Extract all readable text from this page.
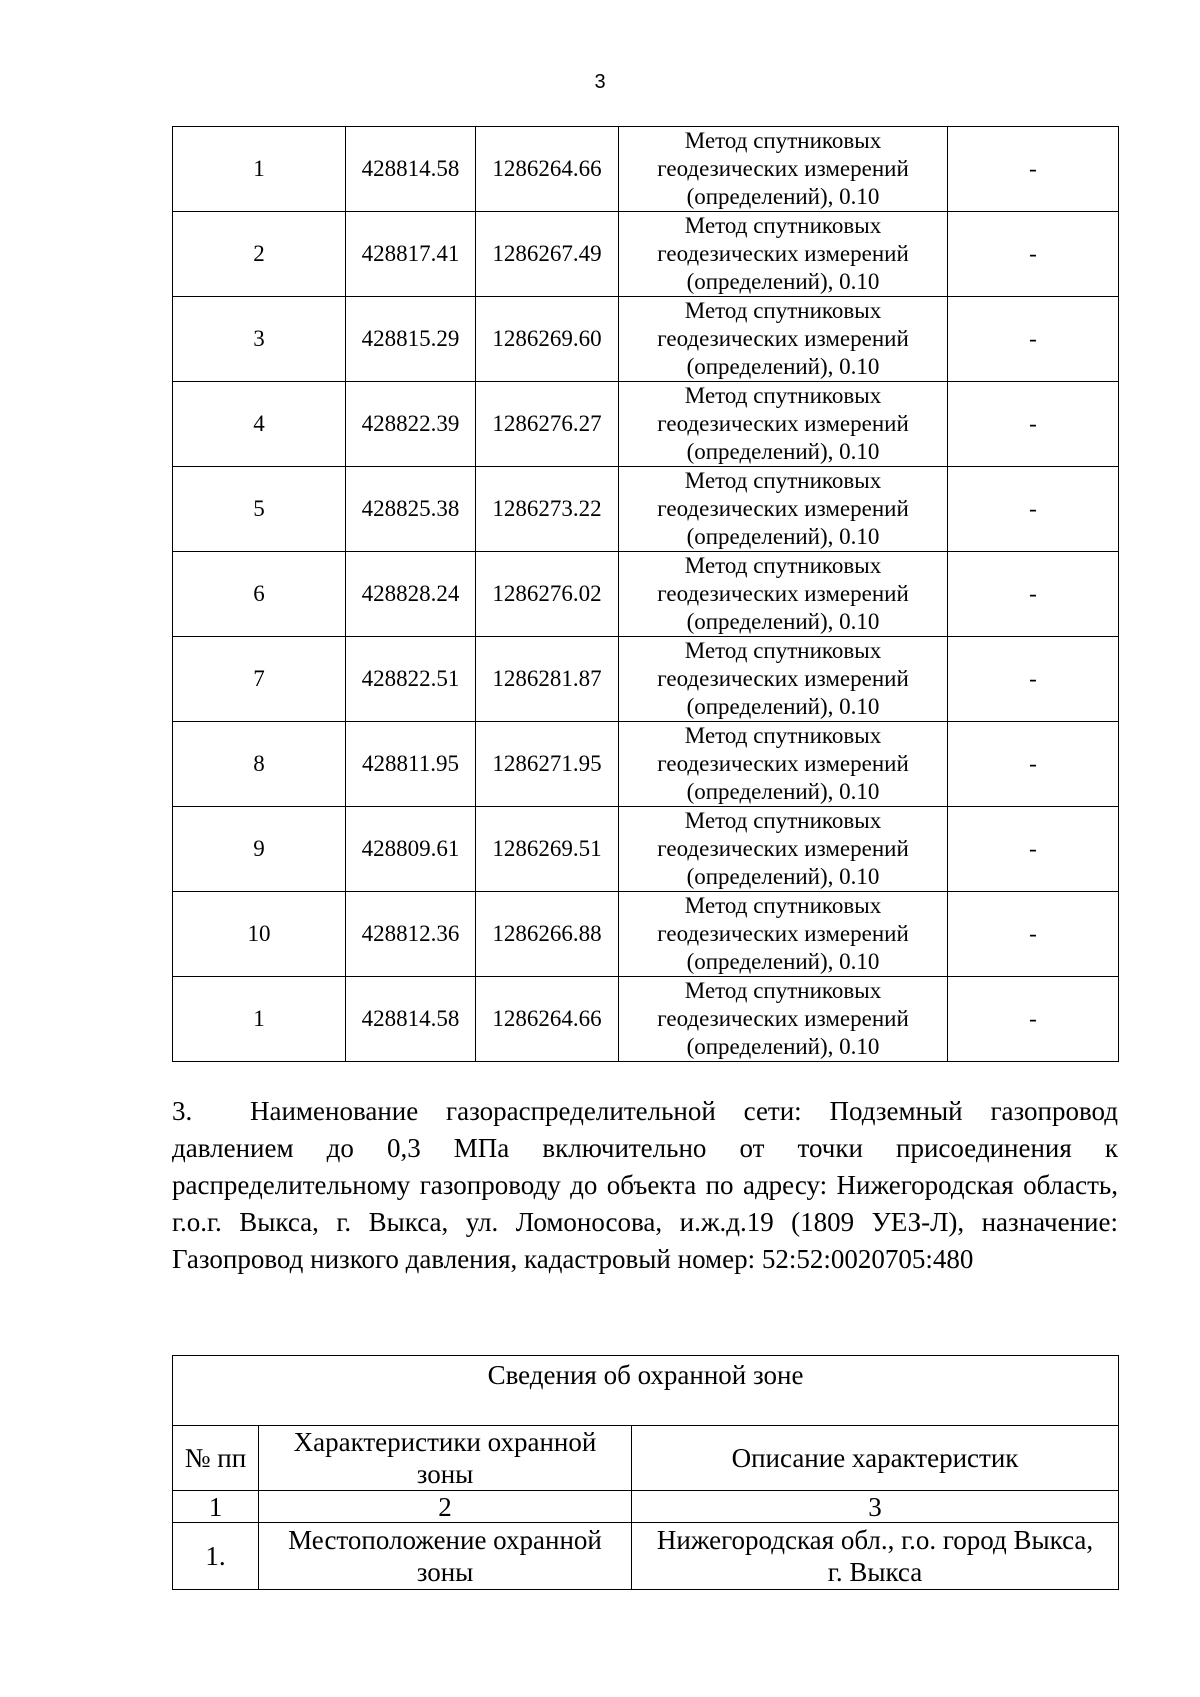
3
1	428814.58	1286264.66	Метод спутниковых
геодезических измерений
(определений), 0.10	-
2	428817.41	1286267.49	Метод спутниковых
геодезических измерений
(определений), 0.10	-
3	428815.29	1286269.60	Метод спутниковых
геодезических измерений
(определений), 0.10	-
4	428822.39	1286276.27	Метод спутниковых
геодезических измерений
(определений), 0.10	-
5	428825.38	1286273.22	Метод спутниковых
геодезических измерений
(определений), 0.10	-
6	428828.24	1286276.02	Метод спутниковых
геодезических измерений
(определений), 0.10	-
7	428822.51	1286281.87	Метод спутниковых
геодезических измерений
(определений), 0.10	-
8	428811.95	1286271.95	Метод спутниковых
геодезических измерений
(определений), 0.10	-
9	428809.61	1286269.51	Метод спутниковых
геодезических измерений
(определений), 0.10	-
10	428812.36	1286266.88	Метод спутниковых
геодезических измерений
(определений), 0.10	-
1	428814.58	1286264.66	Метод спутниковых
геодезических измерений
(определений), 0.10	-
3. Наименование газораспределительной сети: Подземный газопровод давлением до 0,3 МПа включительно от точки присоединения к распределительному газопроводу до объекта по адресу: Нижегородская область, г.о.г. Выкса, г. Выкса, ул. Ломоносова, и.ж.д.19 (1809 УЕЗ-Л), назначение: Газопровод низкого давления, кадастровый номер: 52:52:0020705:480
Сведения об охранной зоне		
№ пп	Характеристики охранной
зоны	Описание характеристик
1	2	3
1.	Местоположение охранной
зоны	Нижегородская обл., г.о. город Выкса,
г. Выкса
